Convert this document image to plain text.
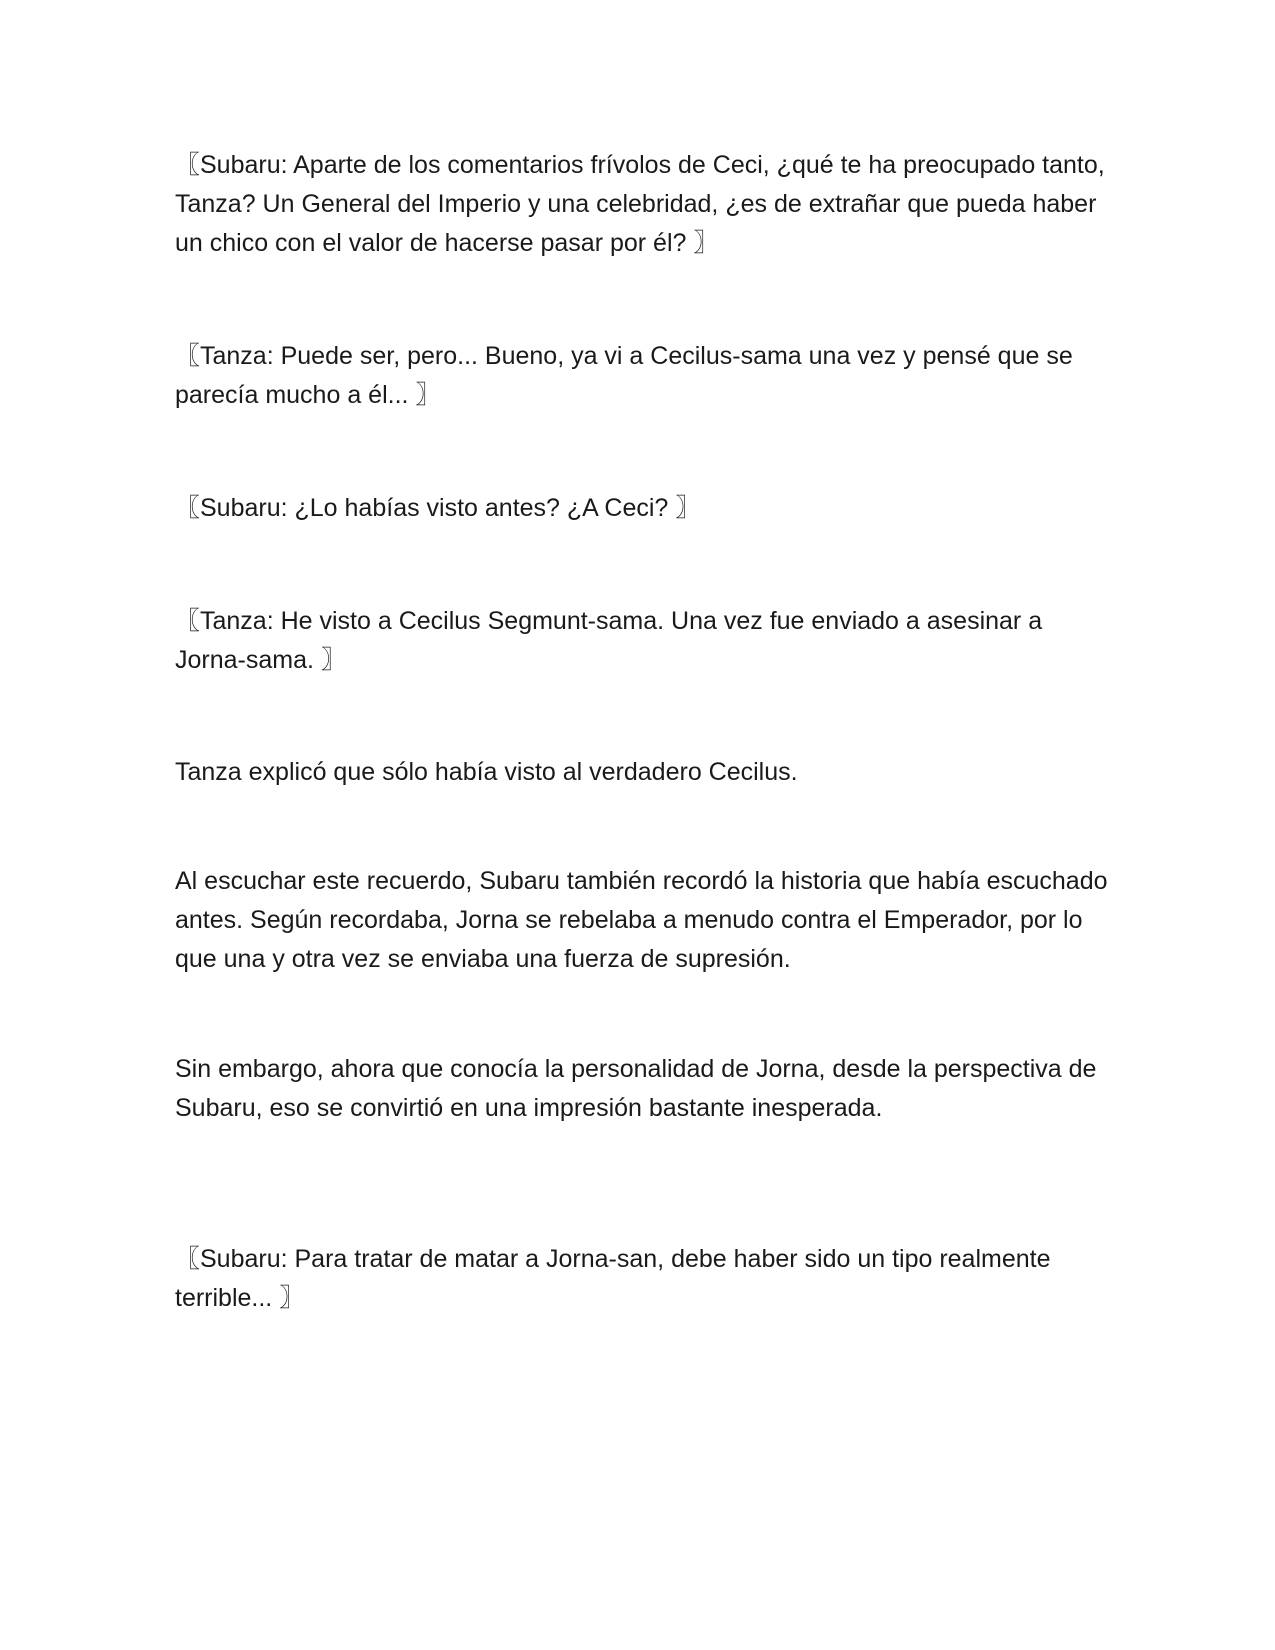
〖Subaru: Aparte de los comentarios frívolos de Ceci, ¿qué te ha preocupado tanto, Tanza? Un General del Imperio y una celebridad, ¿es de extrañar que pueda haber un chico con el valor de hacerse pasar por él? 〗

〖Tanza: Puede ser, pero... Bueno, ya vi a Cecilus-sama una vez y pensé que se parecía mucho a él... 〗

〖Subaru: ¿Lo habías visto antes? ¿A Ceci? 〗

〖Tanza: He visto a Cecilus Segmunt-sama. Una vez fue enviado a asesinar a Jorna-sama. 〗

Tanza explicó que sólo había visto al verdadero Cecilus.

Al escuchar este recuerdo, Subaru también recordó la historia que había escuchado antes. Según recordaba, Jorna se rebelaba a menudo contra el Emperador, por lo que una y otra vez se enviaba una fuerza de supresión.

Sin embargo, ahora que conocía la personalidad de Jorna, desde la perspectiva de Subaru, eso se convirtió en una impresión bastante inesperada.

〖Subaru: Para tratar de matar a Jorna-san, debe haber sido un tipo realmente terrible... 〗
